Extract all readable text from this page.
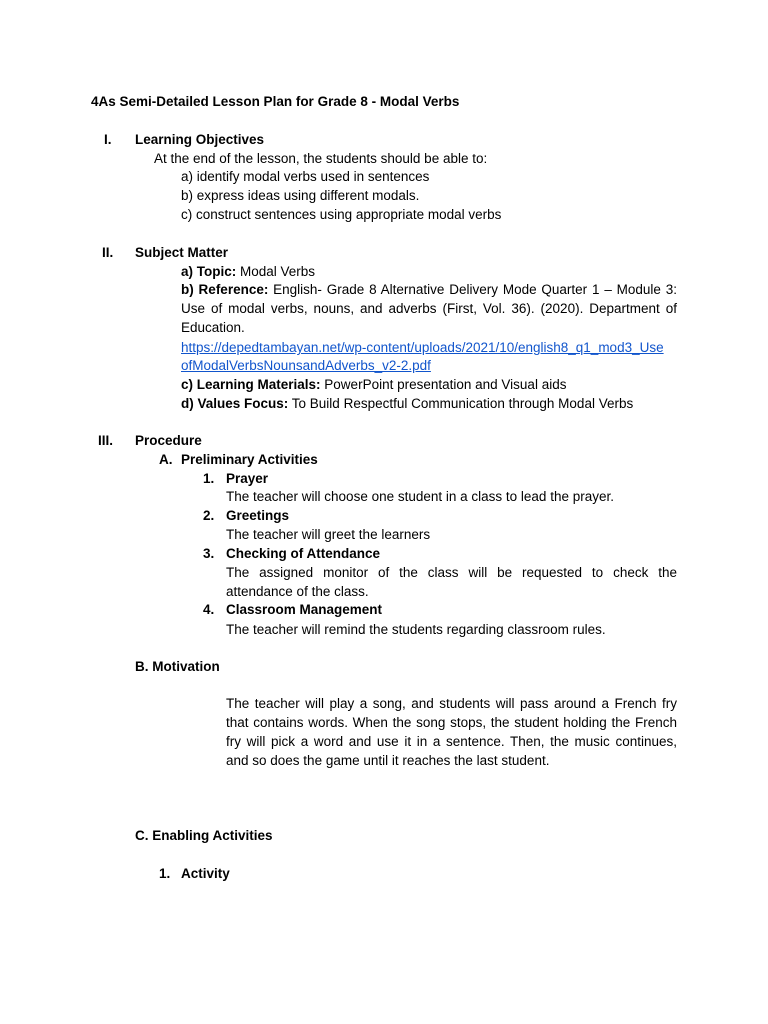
4As Semi-Detailed Lesson Plan for Grade 8 - Modal Verbs
I. Learning Objectives
At the end of the lesson, the students should be able to:
a) identify modal verbs used in sentences
b) express ideas using different modals.
c) construct sentences using appropriate modal verbs
II. Subject Matter
a) Topic: Modal Verbs
b) Reference: English- Grade 8 Alternative Delivery Mode Quarter 1 – Module 3:
Use of modal verbs, nouns, and adverbs (First, Vol. 36). (2020). Department of
Education.
https://depedtambayan.net/wp-content/uploads/2021/10/english8_q1_mod3_Use
ofModalVerbsNounsandAdverbs_v2-2.pdf
c) Learning Materials: PowerPoint presentation and Visual aids
d) Values Focus: To Build Respectful Communication through Modal Verbs
III. Procedure
A. Preliminary Activities
1. Prayer
The teacher will choose one student in a class to lead the prayer.
2. Greetings
The teacher will greet the learners
3. Checking of Attendance
The assigned monitor of the class will be requested to check the
attendance of the class.
4. Classroom Management
The teacher will remind the students regarding classroom rules.
B. Motivation
The teacher will play a song, and students will pass around a French fry
that contains words. When the song stops, the student holding the French
fry will pick a word and use it in a sentence. Then, the music continues,
and so does the game until it reaches the last student.
C. Enabling Activities
1. Activity
